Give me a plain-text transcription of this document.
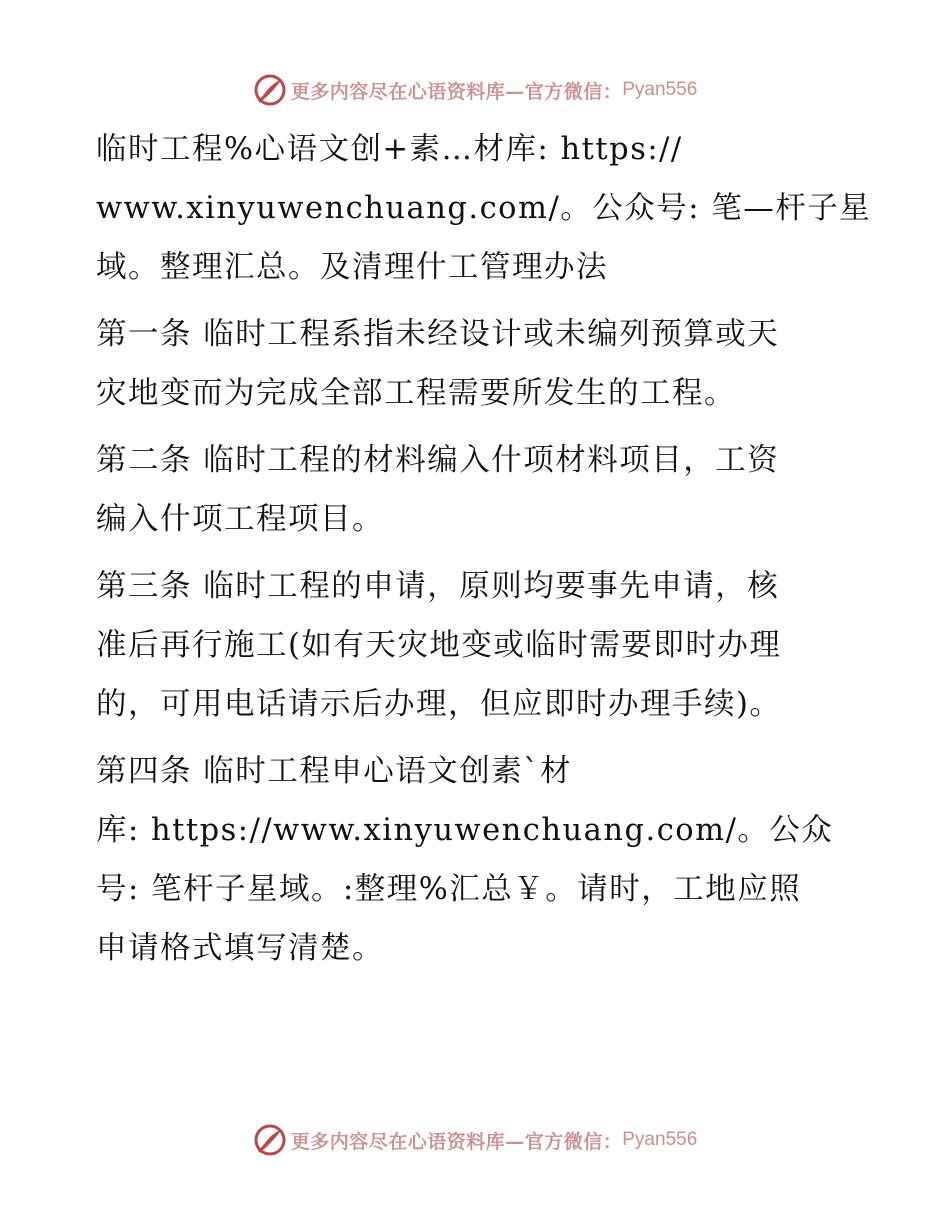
更多内容尽在心语资料库—官方微信： Pyan556
临时工程%心语文创+素…材库: https://
www.xinyuwenchuang.com/。公众号: 笔—杆子星
域。整理汇总。及清理什工管理办法
第一条 临时工程系指未经设计或未编列预算或天
灾地变而为完成全部工程需要所发生的工程。
第二条 临时工程的材料编入什项材料项目，工资
编入什项工程项目。
第三条 临时工程的申请，原则均要事先申请，核
准后再行施工(如有天灾地变或临时需要即时办理
的，可用电话请示后办理，但应即时办理手续)。
第四条 临时工程申心语文创素`材
库: https://www.xinyuwenchuang.com/。公众
号: 笔杆子星域。:整理%汇总￥。请时，工地应照
申请格式填写清楚。
更多内容尽在心语资料库—官方微信： Pyan556
